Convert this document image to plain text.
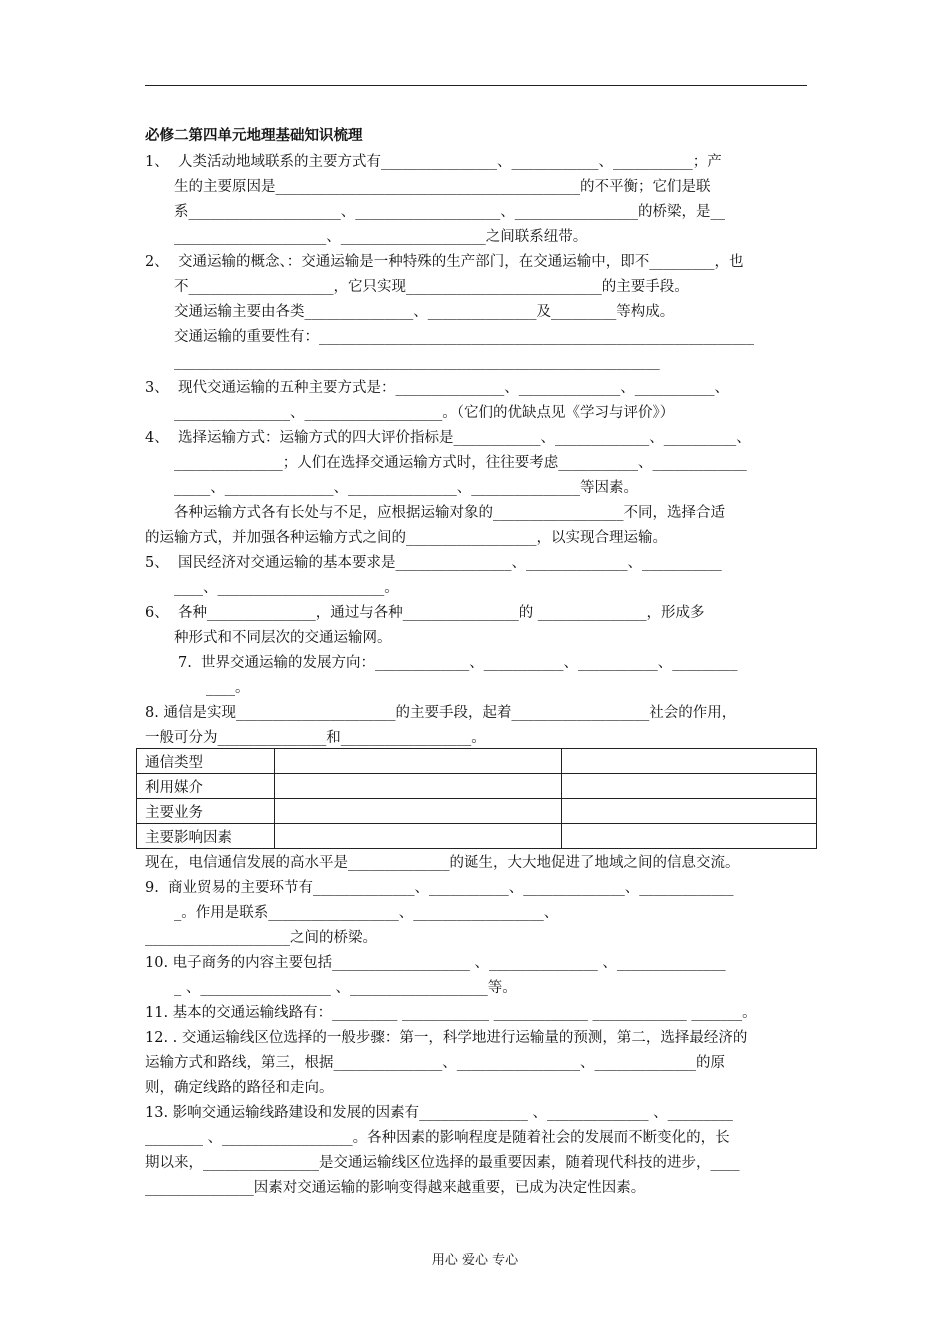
必修二第四单元地理基础知识梳理
1、  人类活动地域联系的主要方式有________________、____________、___________；产
生的主要原因是__________________________________________的不平衡；它们是联
系_____________________、____________________、_________________的桥梁，是__
_____________________、____________________之间联系纽带。
2、  交通运输的概念、：交通运输是一种特殊的生产部门，在交通运输中，即不_________，也
不____________________，它只实现___________________________的主要手段。
交通运输主要由各类_______________、_______________及_________等构成。
交通运输的重要性有：____________________________________________________________
___________________________________________________________________
3、  现代交通运输的五种主要方式是：_______________、______________、___________、
________________、___________________。（它们的优缺点见《学习与评价》）
4、  选择运输方式：运输方式的四大评价指标是____________、_____________、__________、
_______________；人们在选择交通运输方式时，往往要考虑___________、_____________
_____、_______________、_______________、_______________等因素。
各种运输方式各有长处与不足，应根据运输对象的__________________不同，选择合适
的运输方式，并加强各种运输方式之间的__________________，以实现合理运输。
5、  国民经济对交通运输的基本要求是________________、______________、___________
____、_______________________。
6、  各种_______________，通过与各种________________的 _______________，形成多
种形式和不同层次的交通运输网。
7.  世界交通运输的发展方向：_____________、___________、___________、_________
____。
8. 通信是实现______________________的主要手段，起着___________________社会的作用，
一般可分为_______________和__________________。
通信类型		
利用媒介		
主要业务		
主要影响因素		
现在，电信通信发展的高水平是______________的诞生，大大地促进了地域之间的信息交流。
9.  商业贸易的主要环节有______________、___________、______________、_____________
_。作用是联系__________________、__________________、
____________________之间的桥梁。
10. 电子商务的内容主要包括___________________ 、_______________ 、_______________
_ 、__________________ 、___________________等。
11. 基本的交通运输线路有：_________ ____________ _____________ _____________ _______。
12. . 交通运输线区位选择的一般步骤：第一，科学地进行运输量的预测，第二，选择最经济的
运输方式和路线，第三，根据_______________、_________________、______________的原
则，确定线路的路径和走向。
13. 影响交通运输线路建设和发展的因素有_______________ 、______________ 、_________
________ 、__________________。各种因素的影响程度是随着社会的发展而不断变化的，长
期以来，________________是交通运输线区位选择的最重要因素，随着现代科技的进步，____
_______________因素对交通运输的影响变得越来越重要，已成为决定性因素。
用心 爱心 专心
